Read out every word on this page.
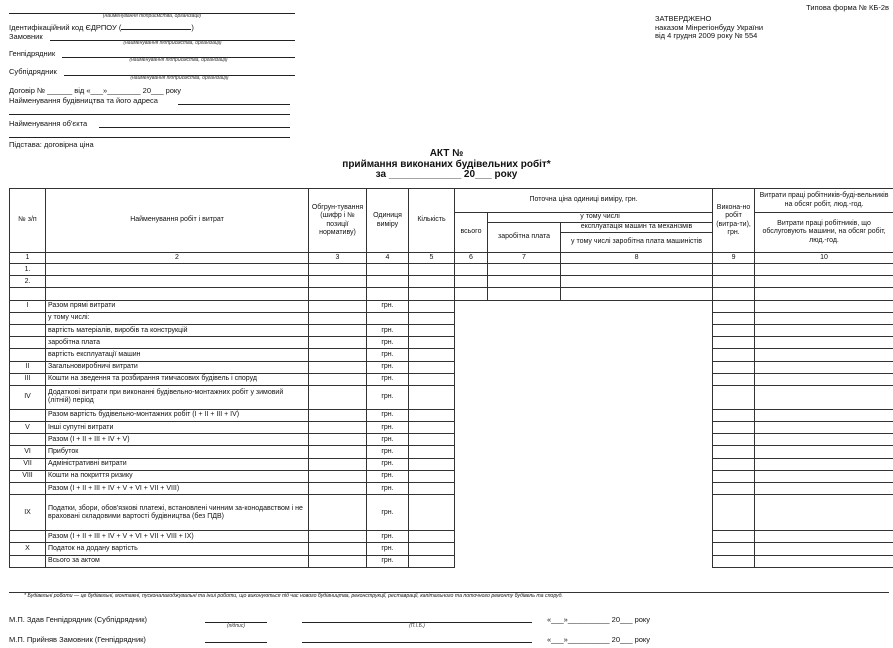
Типова форма № КБ-2в
ЗАТВЕРДЖЕНО
наказом Мінрегіонбуду України
від 4 грудня 2009 року № 554
(найменування підприємства, організації)
Ідентифікаційний код ЄДРПОУ (	)
Замовник
(найменування підприємства, організації)
Генпідрядник
(найменування підприємства, організації)
Субпідрядник
(найменування підприємства, організації)
Договір № ______ від «___»________ 20___ року
Найменування будівництва та його адреса
Найменування об'єкта
Підстава: договірна ціна
АКТ №
приймання виконаних будівельних робіт*
за _____________ 20___ року
№ з/п	Найменування робіт і витрат	Обгрун-тування (шифр і № позиції нормативу)	Одиниця виміру	Кількість	Поточна ціна одиниці виміру, грн.			Викона-но робіт (витра-ти), грн.	Витрати праці робітників-буді-вельників на обсяг робіт, люд.-год.
					всього	у тому числі			Витрати праці робітників, що обслуговують машини, на обсяг робіт, люд.-год.
						заробітна плата	експлуатація машин та механізмів		
							у тому числі заробітна плата машиністів		
1	2	3	4	5	6	7	8	9	10
1.									
2.									

I	Разом прямі витрати		грн.						
	у тому числі:								
	вартість матеріалів, виробів та конструкцій		грн.						
	заробітна плата		грн.						
	вартість експлуатації машин		грн.						
II	Загальновиробничі витрати		грн.						
III	Кошти на зведення та розбирання тимчасових будівель і споруд		грн.						
IV	Додаткові витрати при виконанні будівельно-монтажних робіт у зимовий (літній) період		грн.						
	Разом вартість будівельно-монтажних робіт (I + II + III + IV)		грн.						
V	Інші супутні витрати		грн.						
	Разом (I + II + III + IV + V)		грн.						
VI	Прибуток		грн.						
VII	Адміністративні витрати		грн.						
VIII	Кошти на покриття ризику		грн.						
	Разом (I + II + III + IV + V + VI + VII + VIII)		грн.						
IX	Податки, збори, обов'язкові платежі, встановлені чинним за-конодавством і не враховані складовими вартості будівництва (без ПДВ)		грн.						
	Разом (I + II + III + IV + V + VI + VII + VIII + IX)		грн.						
X	Податок на додану вартість		грн.						
	Всього за актом		грн.						
* Будівельні роботи — це будівельні, монтажні, пусконалагоджувальні та інші роботи, що виконуються під час нового будівництва, реконструкції, реставрації, капітального та поточного ремонту будівель та споруд.
М.П. Здав Генпідрядник (Субпідрядник)
(підпис)	(П.І.Б.)
«___»__________ 20___ року
М.П. Прийняв Замовник (Генпідрядник)	«___»__________ 20___ року
